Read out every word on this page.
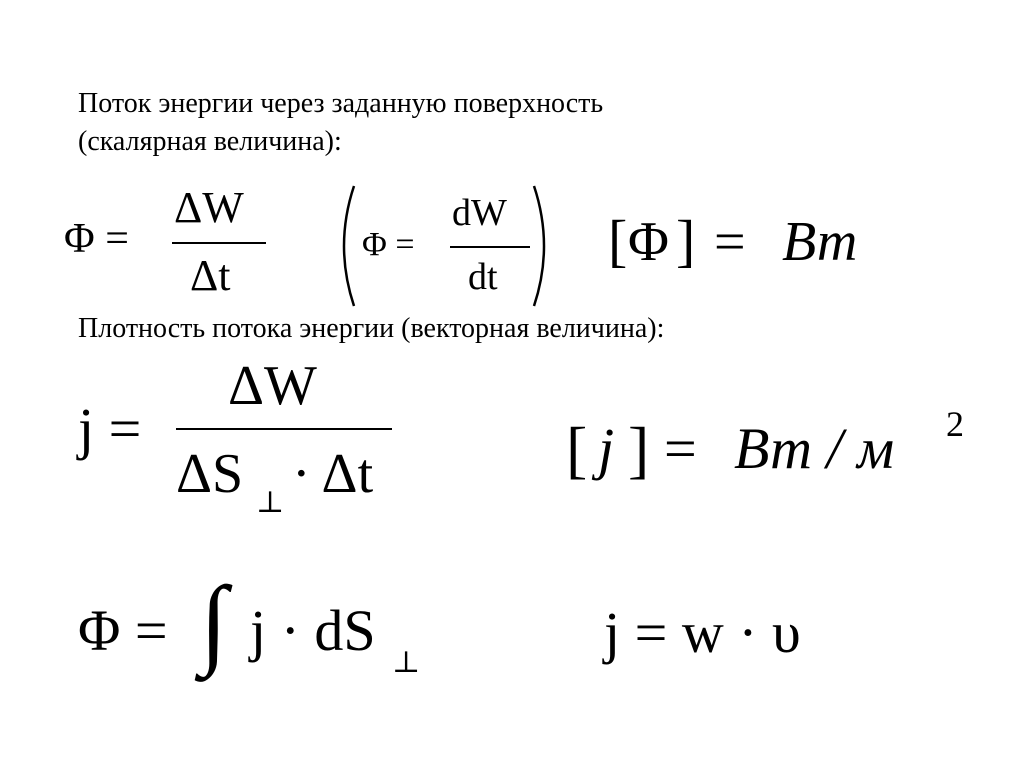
Поток энергии через заданную поверхность
(скалярная величина):
Плотность потока энергии (векторная величина):
Φ =
ΔW
Δt
Φ =
dW
dt
[ Φ ] = Вт
j =
ΔW
ΔS ⊥ · Δt	[ j ] = Вт / м 2
Φ = ∫ j · dS ⊥	j = w · υ
